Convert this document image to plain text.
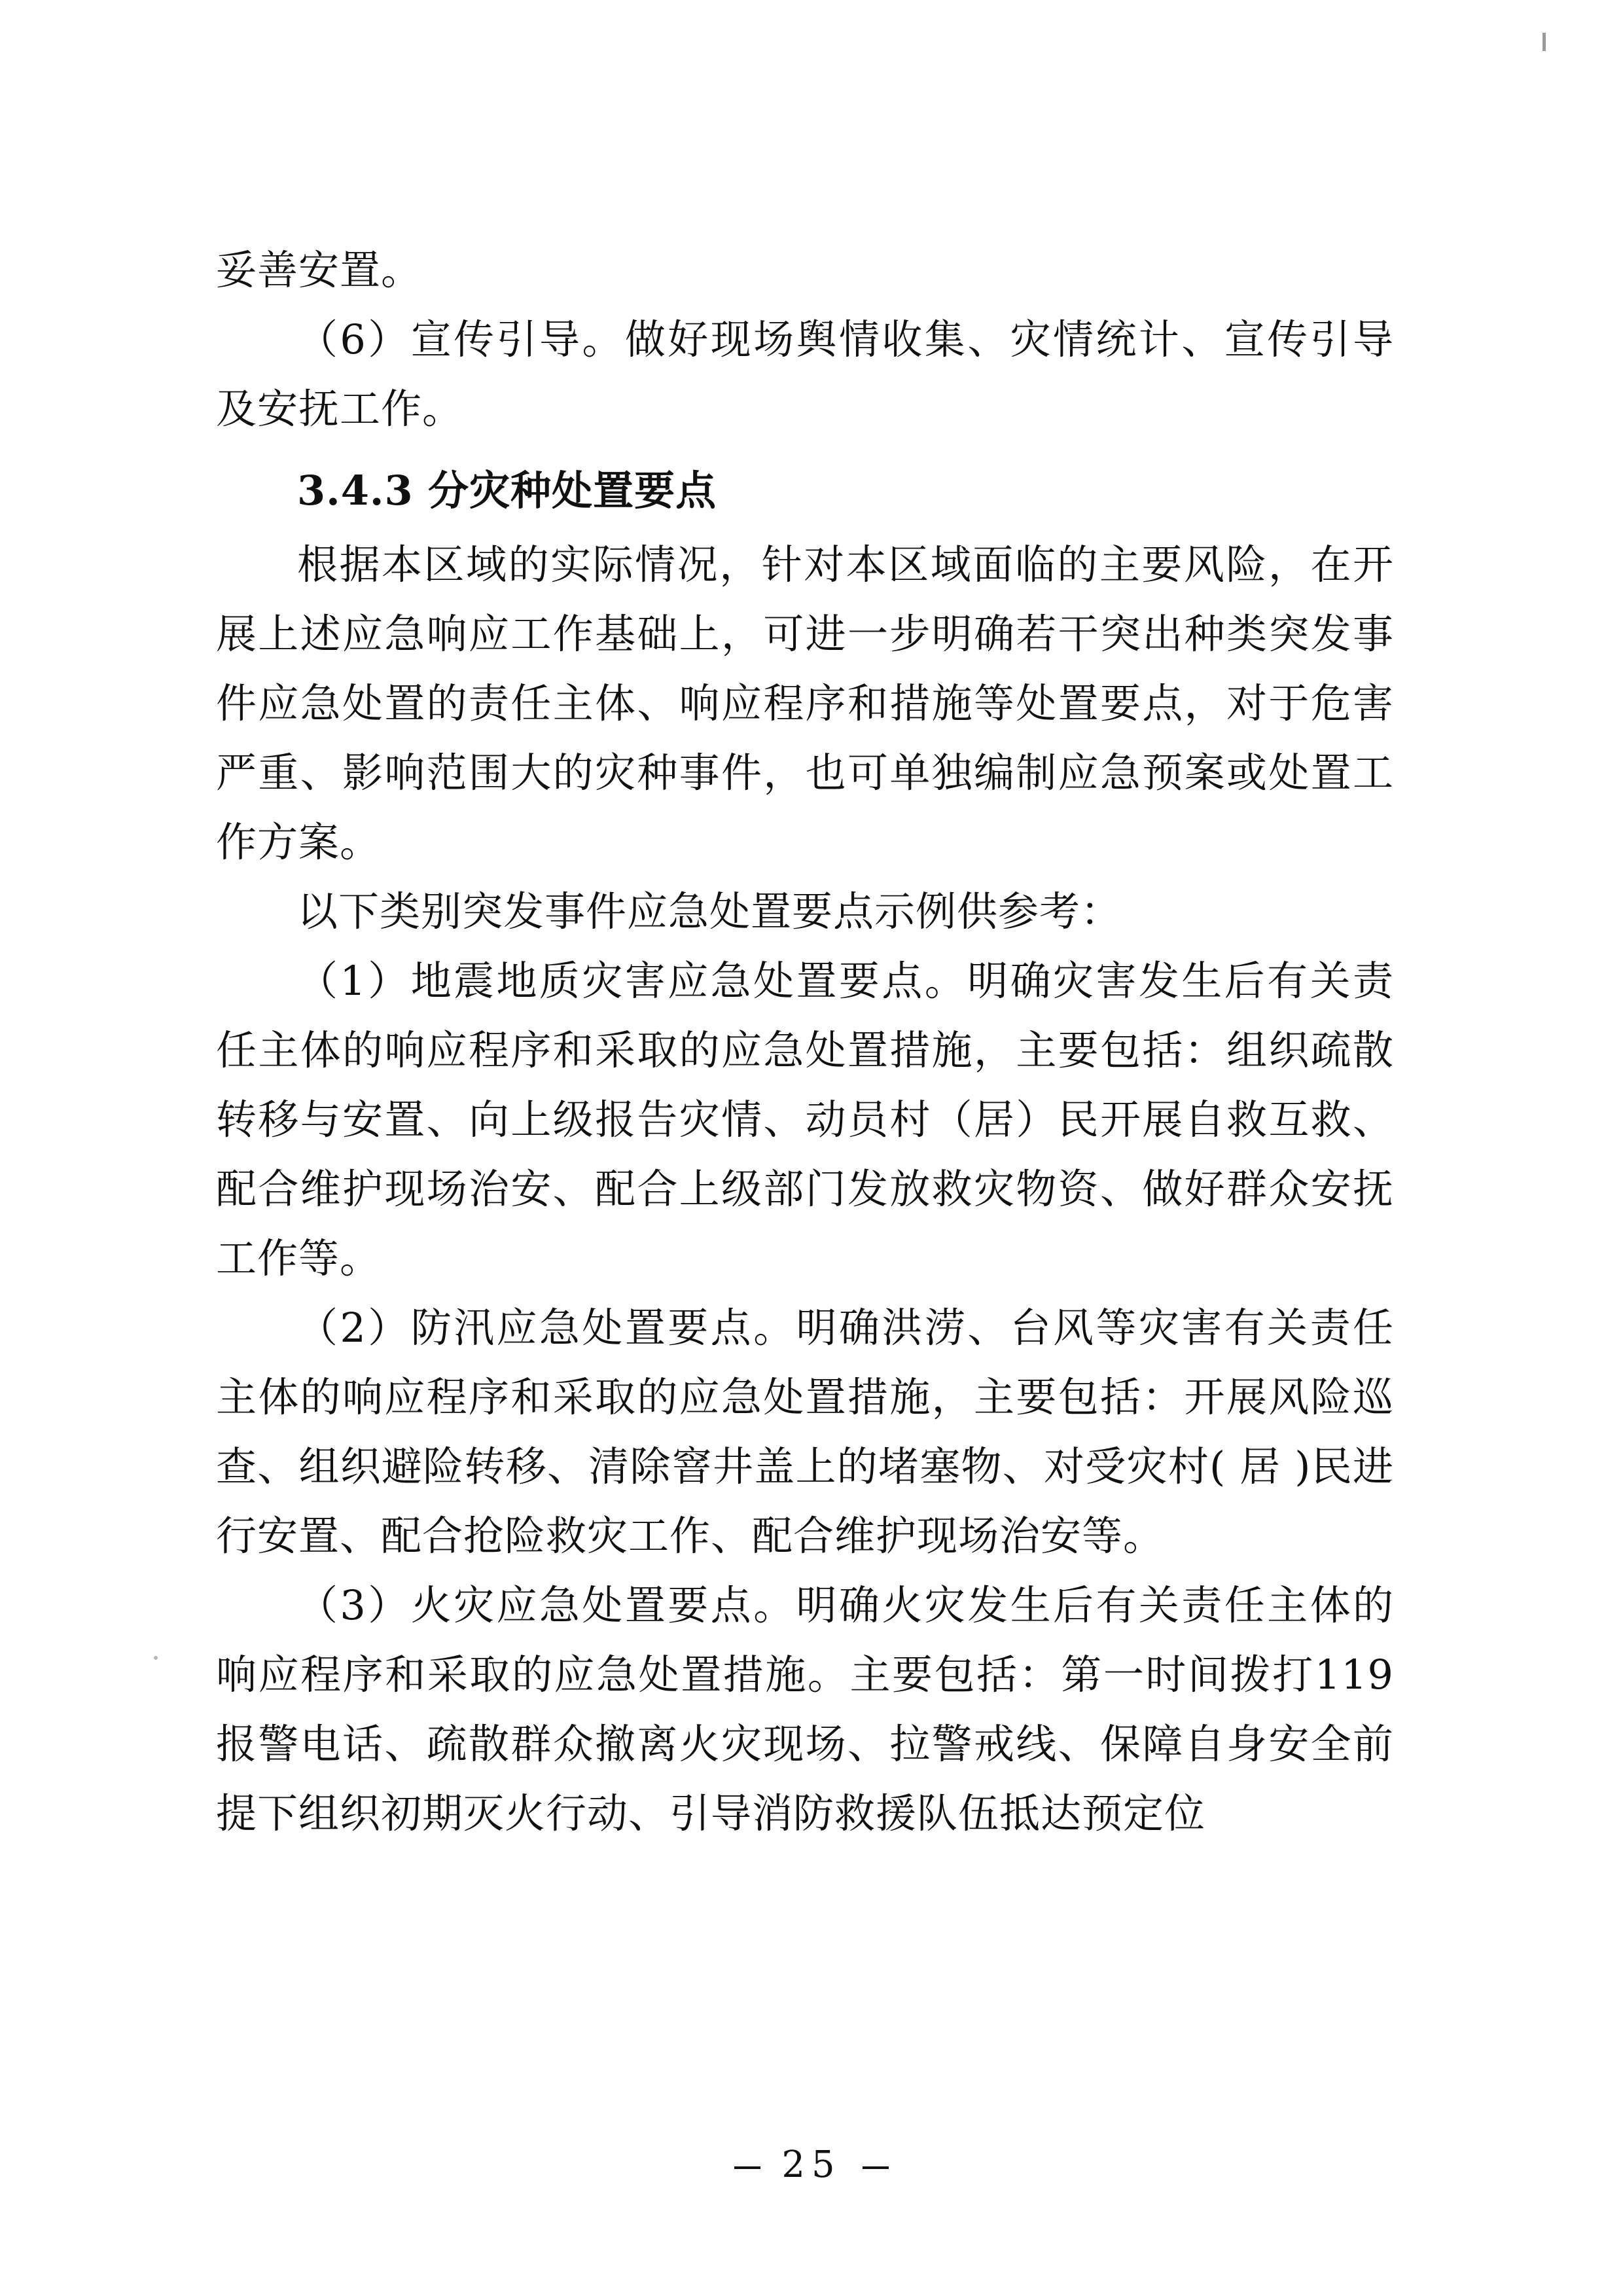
妥善安置。

（6）宣传引导。做好现场舆情收集、灾情统计、宣传引导及安抚工作。

3.4.3 分灾种处置要点

根据本区域的实际情况，针对本区域面临的主要风险，在开展上述应急响应工作基础上，可进一步明确若干突出种类突发事件应急处置的责任主体、响应程序和措施等处置要点，对于危害严重、影响范围大的灾种事件，也可单独编制应急预案或处置工作方案。

以下类别突发事件应急处置要点示例供参考：

（1）地震地质灾害应急处置要点。明确灾害发生后有关责任主体的响应程序和采取的应急处置措施，主要包括：组织疏散转移与安置、向上级报告灾情、动员村（居）民开展自救互救、配合维护现场治安、配合上级部门发放救灾物资、做好群众安抚工作等。

（2）防汛应急处置要点。明确洪涝、台风等灾害有关责任主体的响应程序和采取的应急处置措施，主要包括：开展风险巡查、组织避险转移、清除窨井盖上的堵塞物、对受灾村( 居 )民进行安置、配合抢险救灾工作、配合维护现场治安等。

（3）火灾应急处置要点。明确火灾发生后有关责任主体的响应程序和采取的应急处置措施。主要包括：第一时间拨打119 报警电话、疏散群众撤离火灾现场、拉警戒线、保障自身安全前提下组织初期灭火行动、引导消防救援队伍抵达预定位

25
